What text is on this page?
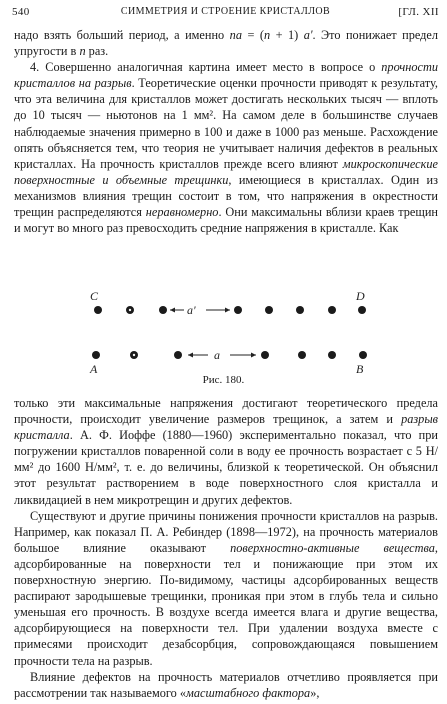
540	СИММЕТРИЯ И СТРОЕНИЕ КРИСТАЛЛОВ	[ГЛ. XII

надо взять больший период, а именно na = (n + 1) a'. Это понижает предел упругости в n раз.

4. Совершенно аналогичная картина имеет место в вопросе о прочности кристаллов на разрыв. Теоретические оценки прочности приводят к результату, что эта величина для кристаллов может достигать нескольких тысяч — вплоть до 10 тысяч — ньютонов на 1 мм². На самом деле в большинстве случаев наблюдаемые значения примерно в 100 и даже в 1000 раз меньше. Расхождение опять объясняется тем, что теория не учитывает наличия дефектов в реальных кристаллах. На прочность кристаллов прежде всего влияют микроскопические поверхностные и объемные трещинки, имеющиеся в кристаллах. Один из механизмов влияния трещин состоит в том, что напряжения в окрестности трещин распределяются неравномерно. Они максимальны вблизи краев трещин и могут во много раз превосходить средние напряжения в кристалле. Как

a'
a
C	D
A	B
Рис. 180.

только эти максимальные напряжения достигают теоретического предела прочности, происходит увеличение размеров трещинок, а затем и разрыв кристалла. А. Ф. Иоффе (1880—1960) экспериментально показал, что при погружении кристаллов поваренной соли в воду ее прочность возрастает с 5 Н/мм² до 1600 Н/мм², т. е. до величины, близкой к теоретической. Он объяснил этот результат растворением в воде поверхностного слоя кристалла и ликвидацией в нем микротрещин и других дефектов.

Существуют и другие причины понижения прочности кристаллов на разрыв. Например, как показал П. А. Ребиндер (1898—1972), на прочность материалов большое влияние оказывают поверхностно-активные вещества, адсорбированные на поверхности тел и понижающие при этом их поверхностную энергию. По-видимому, частицы адсорбированных веществ распирают зародышевые трещинки, проникая при этом в глубь тела и сильно уменьшая его прочность. В воздухе всегда имеется влага и другие вещества, адсорбирующиеся на поверхности тел. При удалении воздуха вместе с примесями происходит дезабсорбция, сопровождающаяся повышением прочности тела на разрыв.

Влияние дефектов на прочность материалов отчетливо проявляется при рассмотрении так называемого «масштабного фактора»,
